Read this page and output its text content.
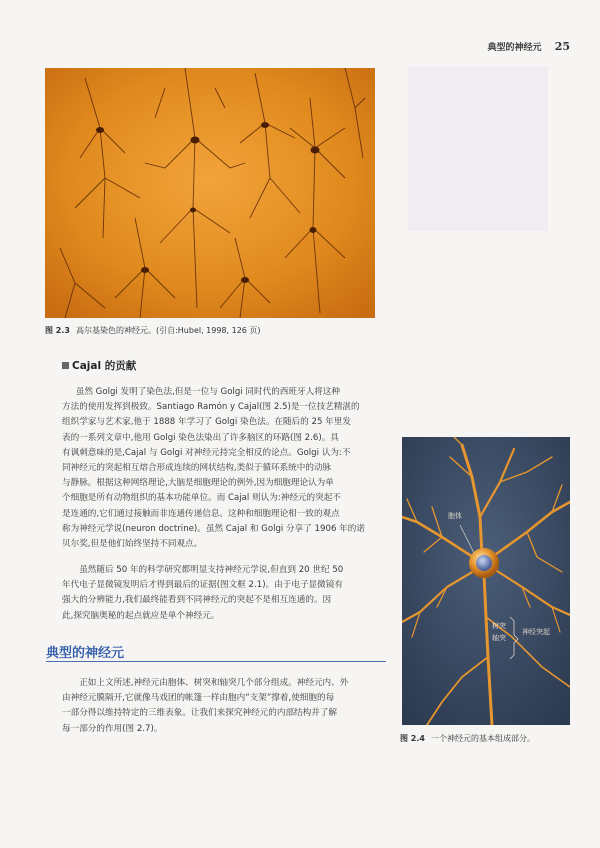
典型的神经元 25
图 2.3 高尔基染色的神经元。(引自:Hubel, 1998, 126 页)
Cajal 的贡献

虽然 Golgi 发明了染色法,但是一位与 Golgi 同时代的西班牙人将这种

方法的使用发挥到极致。Santiago Ramón y Cajal(图 2.5)是一位技艺精湛的
组织学家与艺术家,他于 1888 年学习了 Golgi 染色法。在随后的 25 年里发
表的一系列文章中,他用 Golgi 染色法染出了许多脑区的环路(图 2.6)。具
有讽刺意味的是,Cajal 与 Golgi 对神经元持完全相反的论点。Golgi 认为:不
同神经元的突起相互熔合形成连续的网状结构,类似于循环系统中的动脉
与静脉。根据这种网络理论,大脑是细胞理论的例外,因为细胞理论认为单
个细胞是所有动物组织的基本功能单位。而 Cajal 则认为:神经元的突起不
是连通的,它们通过接触而非连通传递信息。这种和细胞理论相一致的观点
称为神经元学说(neuron doctrine)。虽然 Cajal 和 Golgi 分享了 1906 年的诺
贝尔奖,但是他们始终坚持不同观点。

虽然随后 50 年的科学研究都明显支持神经元学说,但直到 20 世纪 50

年代电子显微镜发明后才得到最后的证据(图文框 2.1)。由于电子显微镜有
强大的分辨能力,我们最终能看到不同神经元的突起不是相互连通的。因
此,探究脑奥秘的起点就应是单个神经元。
典型的神经元

正如上文所述,神经元由胞体、树突和轴突几个部分组成。神经元内、外

由神经元膜隔开,它就像马戏团的帐篷一样由胞内“支架”撑着,使细胞的每
一部分得以维持特定的三维表象。让我们来探究神经元的内部结构并了解
每一部分的作用(图 2.7)。
胞体
树突
轴突
神经突起
图 2.4 一个神经元的基本组成部分。
